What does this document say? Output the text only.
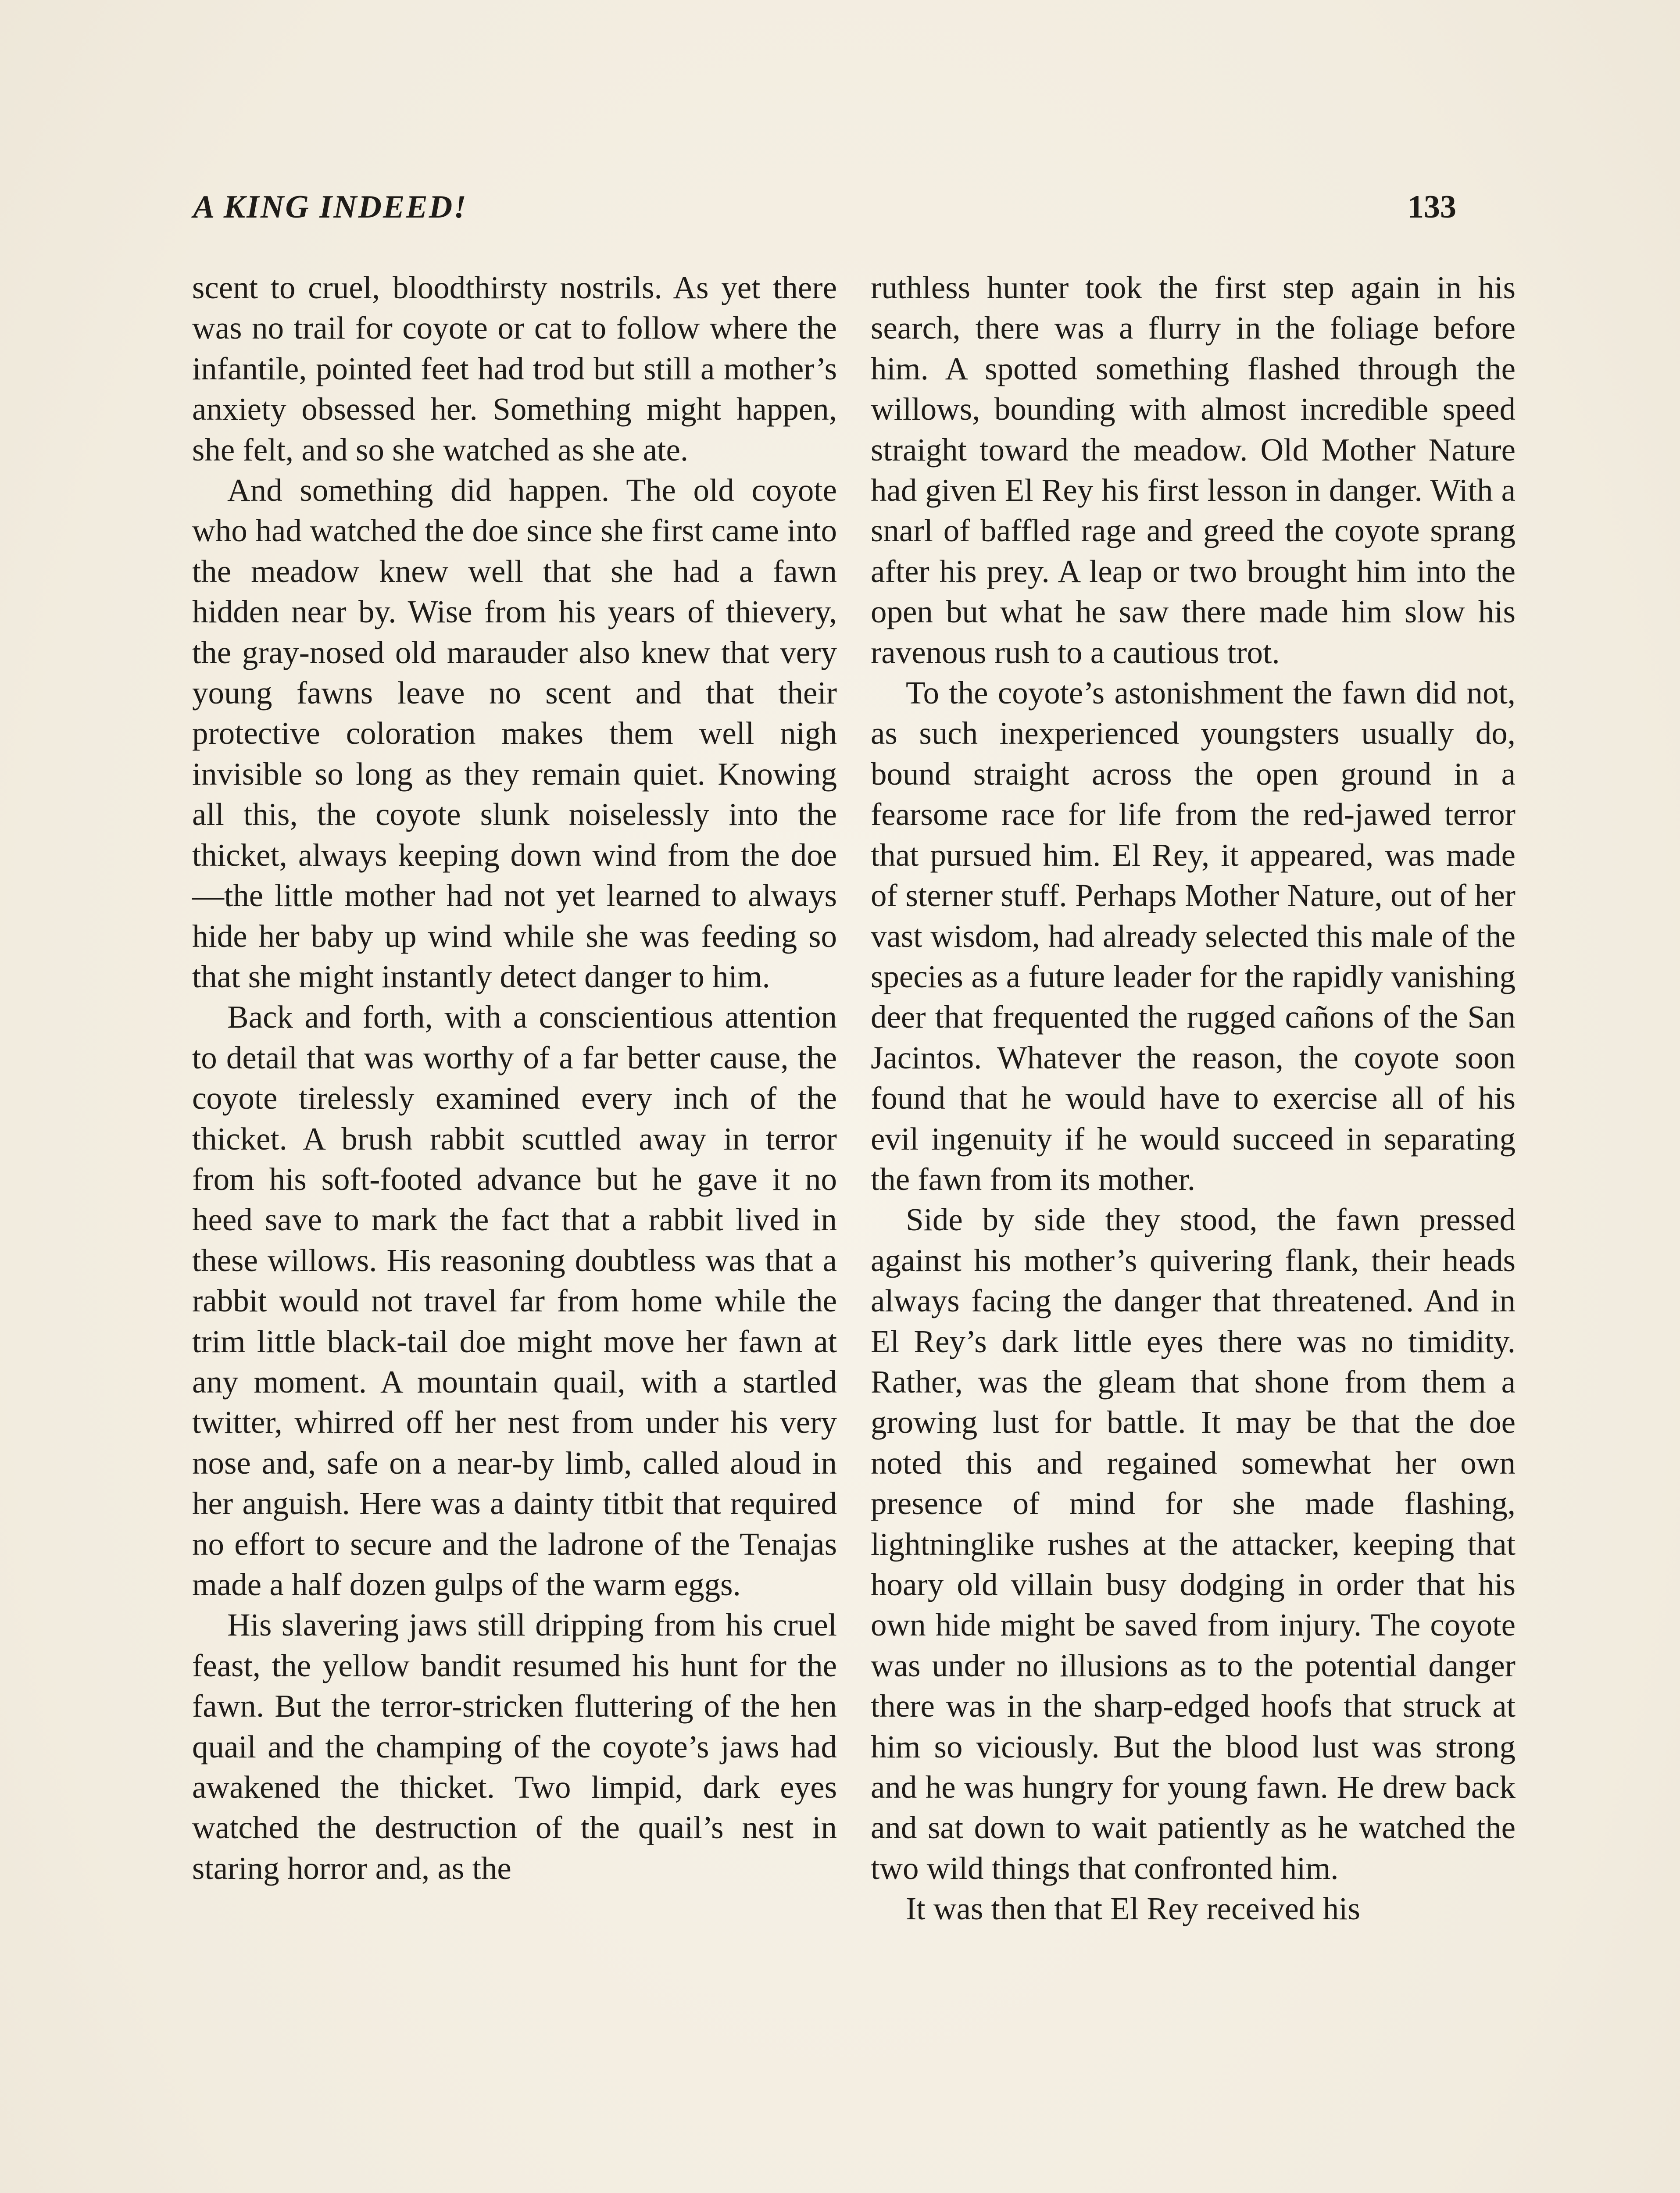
A KING INDEED!	133

scent to cruel, bloodthirsty nostrils. As yet there was no trail for coyote or cat to follow where the infantile, pointed feet had trod but still a mother’s anxiety obsessed her. Something might happen, she felt, and so she watched as she ate.

And something did happen. The old coyote who had watched the doe since she first came into the meadow knew well that she had a fawn hidden near by. Wise from his years of thievery, the gray-nosed old marauder also knew that very young fawns leave no scent and that their protective coloration makes them well nigh invisible so long as they remain quiet. Knowing all this, the coyote slunk noiselessly into the thicket, always keeping down wind from the doe—the little mother had not yet learned to always hide her baby up wind while she was feeding so that she might instantly detect danger to him.

Back and forth, with a conscientious attention to detail that was worthy of a far better cause, the coyote tirelessly examined every inch of the thicket. A brush rabbit scuttled away in terror from his soft-footed advance but he gave it no heed save to mark the fact that a rabbit lived in these willows. His reasoning doubtless was that a rabbit would not travel far from home while the trim little black-tail doe might move her fawn at any moment. A mountain quail, with a startled twitter, whirred off her nest from under his very nose and, safe on a near-by limb, called aloud in her anguish. Here was a dainty titbit that required no effort to secure and the ladrone of the Tenajas made a half dozen gulps of the warm eggs.

His slavering jaws still dripping from his cruel feast, the yellow bandit resumed his hunt for the fawn. But the terror-stricken fluttering of the hen quail and the champing of the coyote’s jaws had awakened the thicket. Two limpid, dark eyes watched the destruction of the quail’s nest in staring horror and, as the

ruthless hunter took the first step again in his search, there was a flurry in the foliage before him. A spotted something flashed through the willows, bounding with almost incredible speed straight toward the meadow. Old Mother Nature had given El Rey his first lesson in danger. With a snarl of baffled rage and greed the coyote sprang after his prey. A leap or two brought him into the open but what he saw there made him slow his ravenous rush to a cautious trot.

To the coyote’s astonishment the fawn did not, as such inexperienced youngsters usually do, bound straight across the open ground in a fearsome race for life from the red-jawed terror that pursued him. El Rey, it appeared, was made of sterner stuff. Perhaps Mother Nature, out of her vast wisdom, had already selected this male of the species as a future leader for the rapidly vanishing deer that frequented the rugged cañons of the San Jacintos. Whatever the reason, the coyote soon found that he would have to exercise all of his evil ingenuity if he would succeed in separating the fawn from its mother.

Side by side they stood, the fawn pressed against his mother’s quivering flank, their heads always facing the danger that threatened. And in El Rey’s dark little eyes there was no timidity. Rather, was the gleam that shone from them a growing lust for battle. It may be that the doe noted this and regained somewhat her own presence of mind for she made flashing, lightninglike rushes at the attacker, keeping that hoary old villain busy dodging in order that his own hide might be saved from injury. The coyote was under no illusions as to the potential danger there was in the sharp-edged hoofs that struck at him so viciously. But the blood lust was strong and he was hungry for young fawn. He drew back and sat down to wait patiently as he watched the two wild things that confronted him.

It was then that El Rey received his
